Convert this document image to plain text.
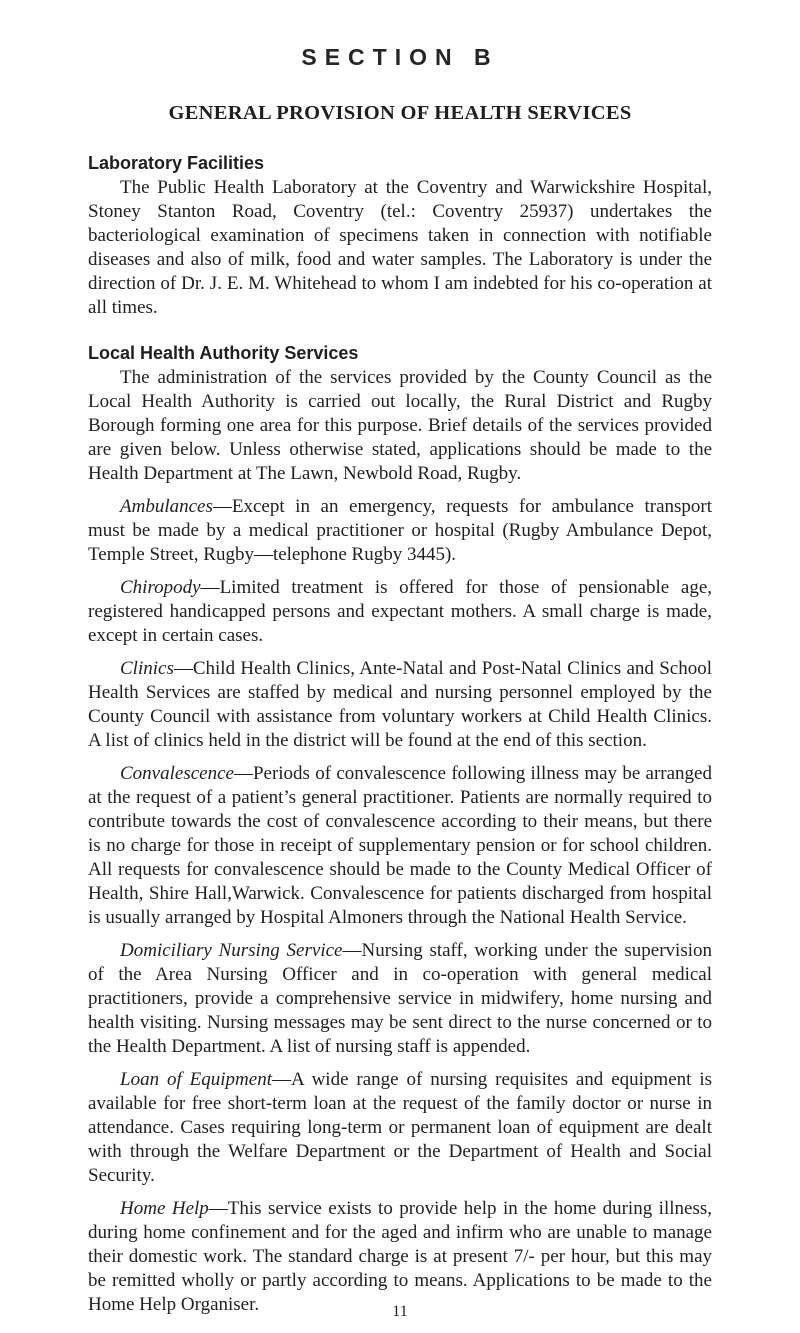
SECTION B
GENERAL PROVISION OF HEALTH SERVICES
Laboratory Facilities

The Public Health Laboratory at the Coventry and Warwickshire Hospital, Stoney Stanton Road, Coventry (tel.: Coventry 25937) undertakes the bacteriological examination of specimens taken in connection with notifiable diseases and also of milk, food and water samples. The Laboratory is under the direction of Dr. J. E. M. Whitehead to whom I am indebted for his co-operation at all times.

Local Health Authority Services

The administration of the services provided by the County Council as the Local Health Authority is carried out locally, the Rural District and Rugby Borough forming one area for this purpose. Brief details of the services provided are given below. Unless otherwise stated, applications should be made to the Health Department at The Lawn, Newbold Road, Rugby.

Ambulances—Except in an emergency, requests for ambulance transport must be made by a medical practitioner or hospital (Rugby Ambulance Depot, Temple Street, Rugby—telephone Rugby 3445).

Chiropody—Limited treatment is offered for those of pensionable age, registered handicapped persons and expectant mothers. A small charge is made, except in certain cases.

Clinics—Child Health Clinics, Ante-Natal and Post-Natal Clinics and School Health Services are staffed by medical and nursing personnel employed by the County Council with assistance from voluntary workers at Child Health Clinics. A list of clinics held in the district will be found at the end of this section.

Convalescence—Periods of convalescence following illness may be arranged at the request of a patient’s general practitioner. Patients are normally required to contribute towards the cost of convalescence according to their means, but there is no charge for those in receipt of supplementary pension or for school children. All requests for convalescence should be made to the County Medical Officer of Health, Shire Hall,Warwick. Convalescence for patients discharged from hospital is usually arranged by Hospital Almoners through the National Health Service.

Domiciliary Nursing Service—Nursing staff, working under the supervision of the Area Nursing Officer and in co-operation with general medical practitioners, provide a comprehensive service in midwifery, home nursing and health visiting. Nursing messages may be sent direct to the nurse concerned or to the Health Department. A list of nursing staff is appended.

Loan of Equipment—A wide range of nursing requisites and equipment is available for free short-term loan at the request of the family doctor or nurse in attendance. Cases requiring long-term or permanent loan of equipment are dealt with through the Welfare Department or the Department of Health and Social Security.

Home Help—This service exists to provide help in the home during illness, during home confinement and for the aged and infirm who are unable to manage their domestic work. The standard charge is at present 7/- per hour, but this may be remitted wholly or partly according to means. Applications to be made to the Home Help Organiser.	11
